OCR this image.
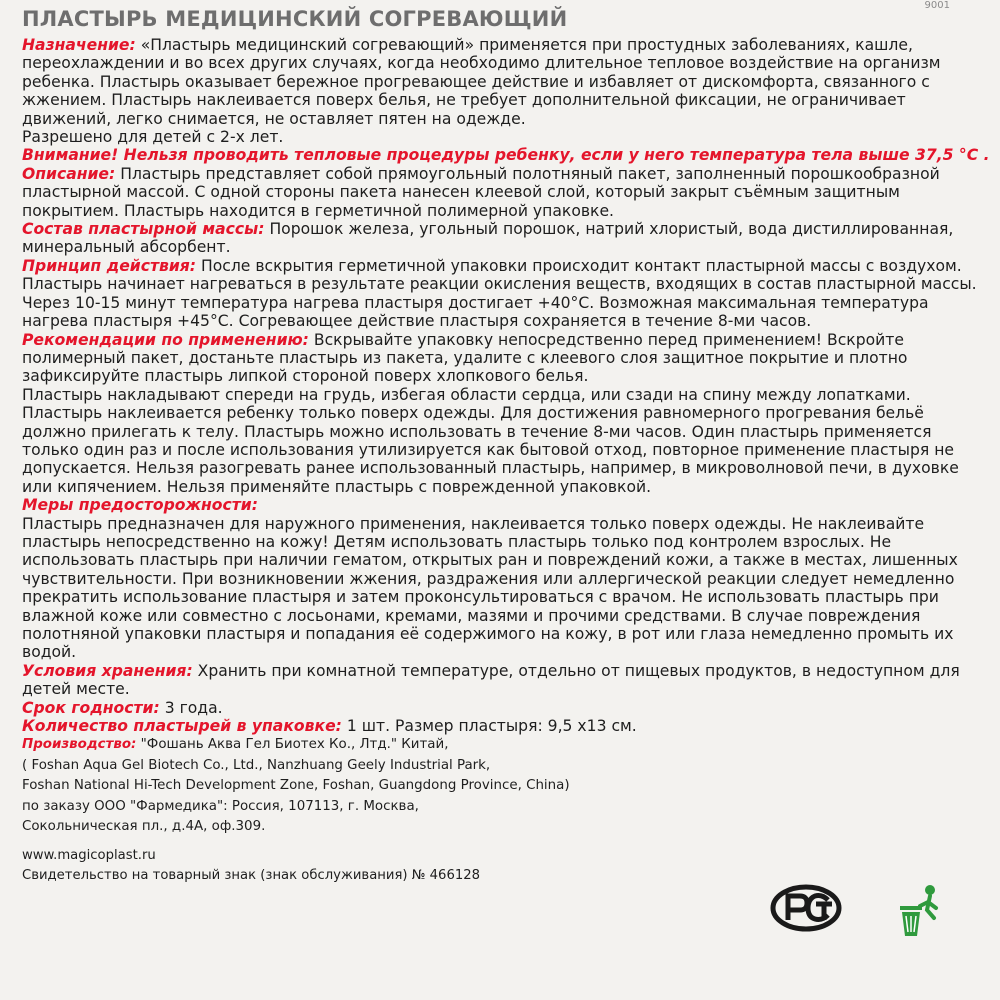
9001
ПЛАСТЫРЬ МЕДИЦИНСКИЙ СОГРЕВАЮЩИЙ

Назначение: «Пластырь медицинский согревающий» применяется при простудных заболеваниях, кашле, переохлаждении и во всех других случаях, когда необходимо длительное тепловое воздействие на организм ребенка. Пластырь оказывает бережное прогревающее действие и избавляет от дискомфорта, связанного с жжением. Пластырь наклеивается поверх белья, не требует дополнительной фиксации, не ограничивает движений, легко снимается, не оставляет пятен на одежде.

Разрешено для детей с 2-х лет.

Внимание! Нельзя проводить тепловые процедуры ребенку, если у него температура тела выше 37,5 °C .

Описание: Пластырь представляет собой прямоугольный полотняный пакет, заполненный порошкообразной пластырной массой. С одной стороны пакета нанесен клеевой слой, который закрыт съёмным защитным покрытием. Пластырь находится в герметичной полимерной упаковке.

Состав пластырной массы: Порошок железа, угольный порошок, натрий хлористый, вода дистиллированная, минеральный абсорбент.

Принцип действия: После вскрытия герметичной упаковки происходит контакт пластырной массы с воздухом. Пластырь начинает нагреваться в результате реакции окисления веществ, входящих в состав пластырной массы. Через 10-15 минут температура нагрева пластыря достигает +40°C. Возможная максимальная температура нагрева пластыря +45°C. Согревающее действие пластыря сохраняется в течение 8-ми часов.

Рекомендации по применению: Вскрывайте упаковку непосредственно перед применением! Вскройте полимерный пакет, достаньте пластырь из пакета, удалите с клеевого слоя защитное покрытие и плотно зафиксируйте пластырь липкой стороной поверх хлопкового белья.

Пластырь накладывают спереди на грудь, избегая области сердца, или сзади на спину между лопатками. Пластырь наклеивается ребенку только поверх одежды. Для достижения равномерного прогревания бельё должно прилегать к телу. Пластырь можно использовать в течение 8-ми часов. Один пластырь применяется только один раз и после использования утилизируется как бытовой отход, повторное применение пластыря не допускается. Нельзя разогревать ранее использованный пластырь, например, в микроволновой печи, в духовке или кипячением. Нельзя применяйте пластырь с поврежденной упаковкой.

Меры предосторожности:

Пластырь предназначен для наружного применения, наклеивается только поверх одежды. Не наклеивайте пластырь непосредственно на кожу! Детям использовать пластырь только под контролем взрослых. Не использовать пластырь при наличии гематом, открытых ран и повреждений кожи, а также в местах, лишенных чувствительности. При возникновении жжения, раздражения или аллергической реакции следует немедленно прекратить использование пластыря и затем проконсультироваться с врачом. Не использовать пластырь при влажной коже или совместно с лосьонами, кремами, мазями и прочими средствами. В случае повреждения полотняной упаковки пластыря и попадания её содержимого на кожу, в рот или глаза немедленно промыть их водой.

Условия хранения: Хранить при комнатной температуре, отдельно от пищевых продуктов, в недоступном для детей месте.

Срок годности: 3 года.

Количество пластырей в упаковке: 1 шт. Размер пластыря: 9,5 х13 см.

Производство: "Фошань Аква Гел Биотех Ко., Лтд." Китай,
( Foshan Aqua Gel Biotech Co., Ltd., Nanzhuang Geely Industrial Park,
Foshan National Hi-Tech Development Zone, Foshan, Guangdong Province, China)
по заказу ООО "Фармедика": Россия, 107113, г. Москва,
Сокольническая пл., д.4А, оф.309.
www.magicoplast.ru
Свидетельство на товарный знак (знак обслуживания) № 466128
